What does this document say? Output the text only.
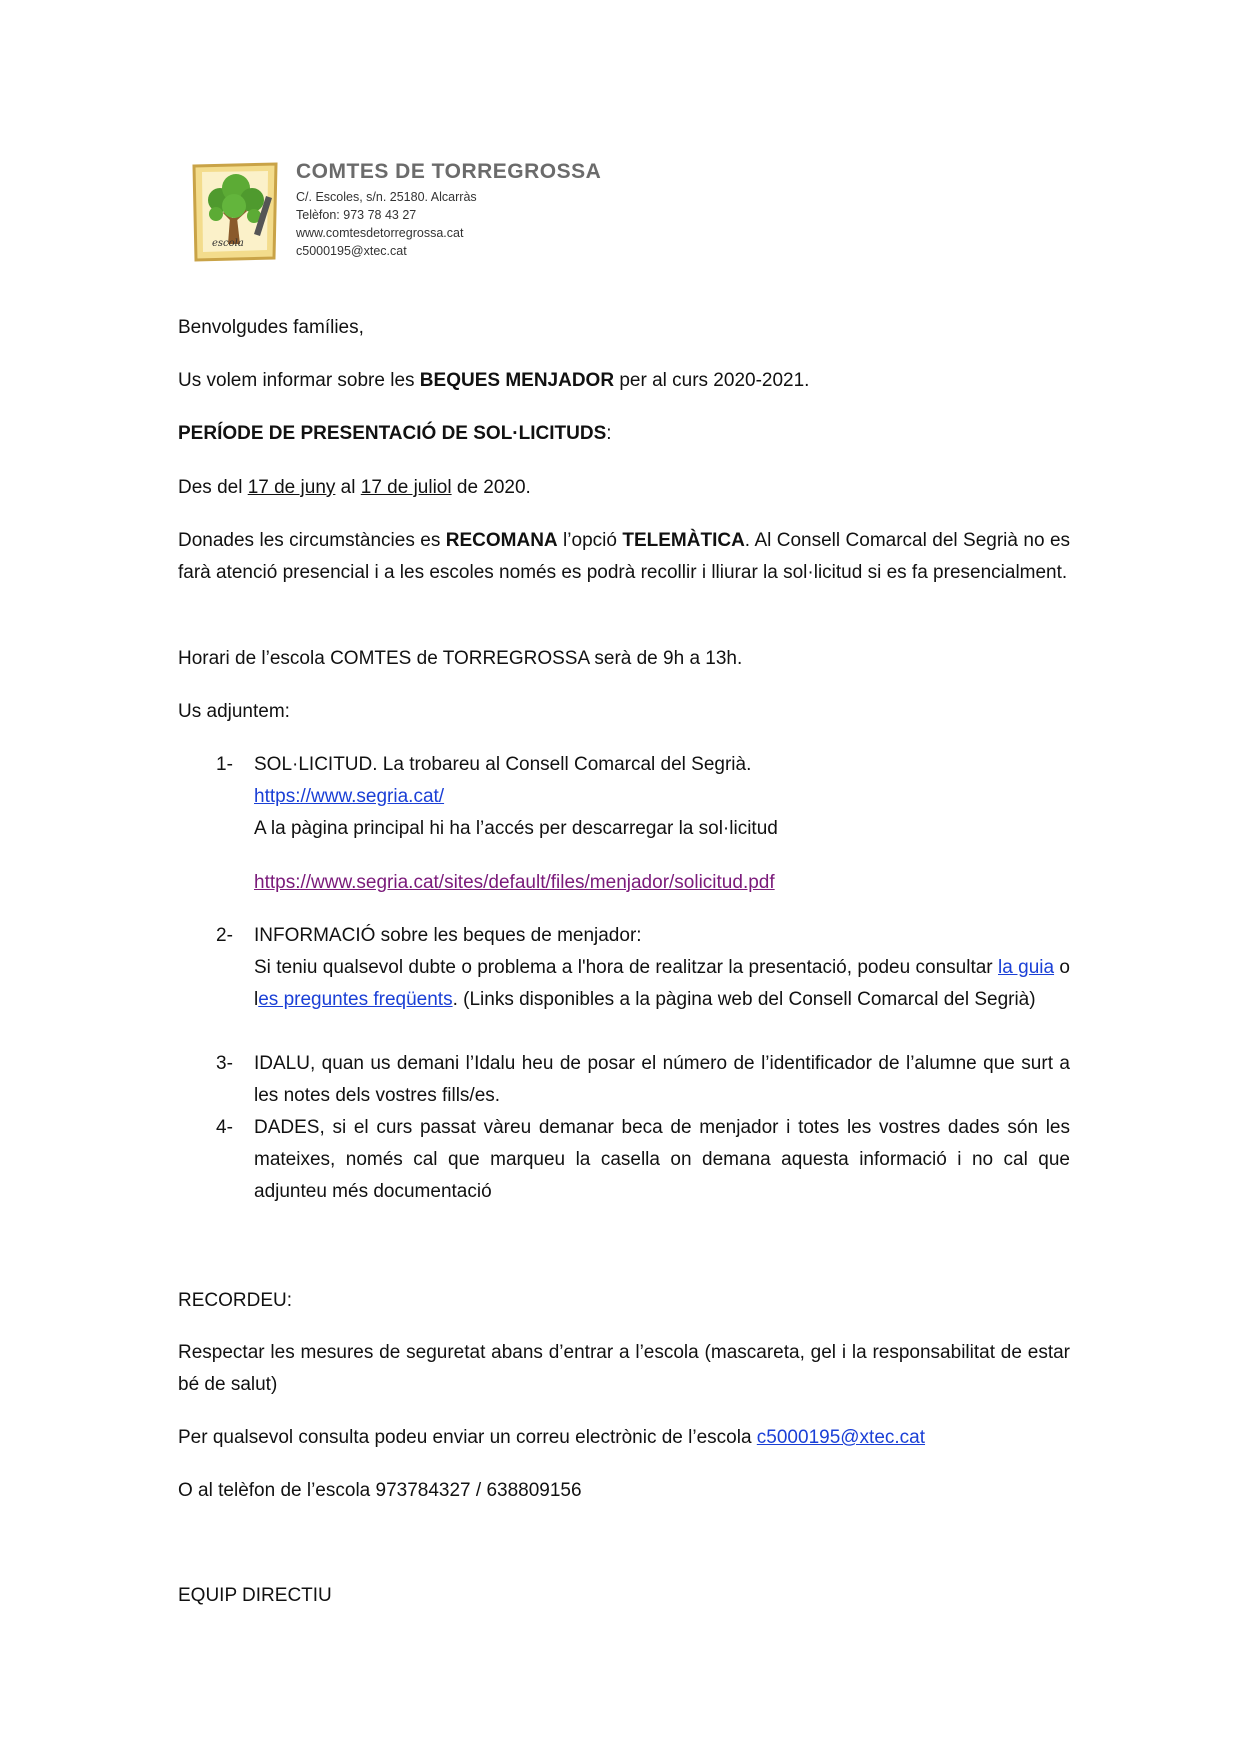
escola
COMTES DE TORREGROSSA
C/. Escoles, s/n. 25180. Alcarràs
Telèfon: 973 78 43 27
www.comtesdetorregrossa.cat
c5000195@xtec.cat
Benvolgudes famílies,
Us volem informar sobre les BEQUES MENJADOR per al curs 2020-2021.
PERÍODE DE PRESENTACIÓ DE SOL·LICITUDS:
Des del 17 de juny al 17 de juliol de 2020.
Donades les circumstàncies es RECOMANA l’opció TELEMÀTICA. Al Consell Comarcal del Segrià no es farà atenció presencial i a les escoles només es podrà recollir i lliurar la sol·licitud si es fa presencialment.
Horari de l’escola COMTES de TORREGROSSA serà de 9h a 13h.
Us adjuntem:
1-	SOL·LICITUD. La trobareu al Consell Comarcal del Segrià.
https://www.segria.cat/
A la pàgina principal hi ha l’accés per descarregar la sol·licitud
https://www.segria.cat/sites/default/files/menjador/solicitud.pdf
2-	INFORMACIÓ sobre les beques de menjador:
Si teniu qualsevol dubte o problema a l'hora de realitzar la presentació, podeu consultar la guia o les preguntes freqüents. (Links disponibles a la pàgina web del Consell Comarcal del Segrià)
3-	IDALU, quan us demani l’Idalu heu de posar el número de l’identificador de l’alumne que surt a les notes dels vostres fills/es.
4-	DADES, si el curs passat vàreu demanar beca de menjador i totes les vostres dades són les mateixes, només cal que marqueu la casella on demana aquesta informació i no cal que adjunteu més documentació
RECORDEU:
Respectar les mesures de seguretat abans d’entrar a l’escola (mascareta, gel i la responsabilitat de estar bé de salut)
Per qualsevol consulta podeu enviar un correu electrònic de l’escola c5000195@xtec.cat
O al telèfon de l’escola 973784327 / 638809156
EQUIP DIRECTIU
